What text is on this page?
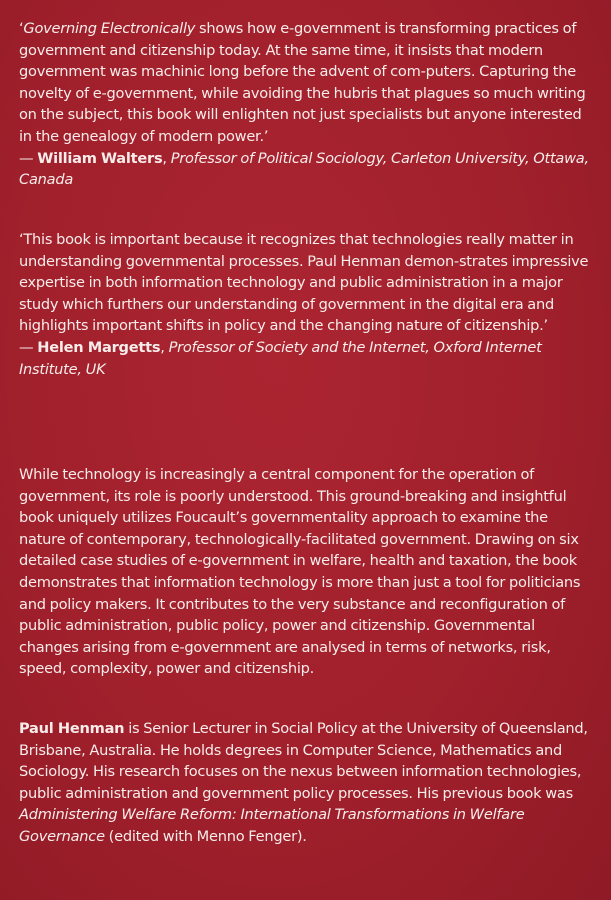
‘Governing Electronically shows how e-government is transforming practices of government and citizenship today. At the same time, it insists that modern government was machinic long before the advent of com-puters. Capturing the novelty of e-government, while avoiding the hubris that plagues so much writing on the subject, this book will enlighten not just specialists but anyone interested in the genealogy of modern power.’
— William Walters, Professor of Political Sociology, Carleton University, Ottawa, Canada

‘This book is important because it recognizes that technologies really matter in understanding governmental processes. Paul Henman demon-strates impressive expertise in both information technology and public administration in a major study which furthers our understanding of government in the digital era and highlights important shifts in policy and the changing nature of citizenship.’
— Helen Margetts, Professor of Society and the Internet, Oxford Internet Institute, UK

While technology is increasingly a central component for the operation of government, its role is poorly understood. This ground-breaking and insightful book uniquely utilizes Foucault’s governmentality approach to examine the nature of contemporary, technologically-facilitated government. Drawing on six detailed case studies of e-government in welfare, health and taxation, the book demonstrates that information technology is more than just a tool for politicians and policy makers. It contributes to the very substance and reconfiguration of public administration, public policy, power and citizenship. Governmental changes arising from e-government are analysed in terms of networks, risk, speed, complexity, power and citizenship.

Paul Henman is Senior Lecturer in Social Policy at the University of Queensland, Brisbane, Australia. He holds degrees in Computer Science, Mathematics and Sociology. His research focuses on the nexus between information technologies, public administration and government policy processes. His previous book was Administering Welfare Reform: International Transformations in Welfare Governance (edited with Menno Fenger).
